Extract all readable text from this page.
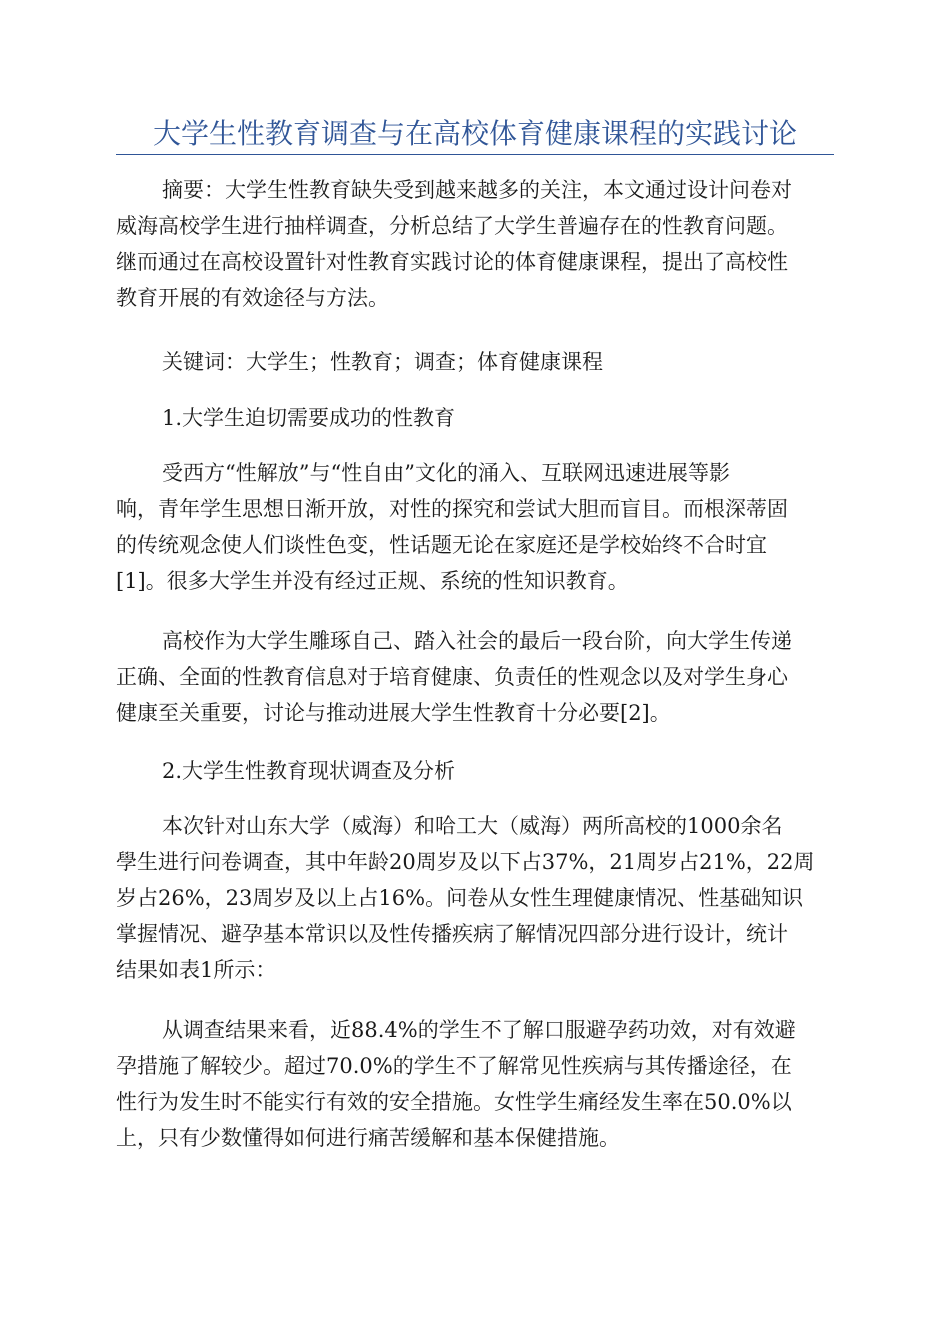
大学生性教育调查与在高校体育健康课程的实践讨论
摘要：大学生性教育缺失受到越来越多的关注，本文通过设计问卷对
威海高校学生进行抽样调查，分析总结了大学生普遍存在的性教育问题。
继而通过在高校设置针对性教育实践讨论的体育健康课程，提出了高校性
教育开展的有效途径与方法。
关键词：大学生；性教育；调查；体育健康课程
1.大学生迫切需要成功的性教育
受西方“性解放”与“性自由”文化的涌入、互联网迅速进展等影
响，青年学生思想日渐开放，对性的探究和尝试大胆而盲目。而根深蒂固
的传统观念使人们谈性色变，性话题无论在家庭还是学校始终不合时宜
[1]。很多大学生并没有经过正规、系统的性知识教育。
高校作为大学生雕琢自己、踏入社会的最后一段台阶，向大学生传递
正确、全面的性教育信息对于培育健康、负责任的性观念以及对学生身心
健康至关重要，讨论与推动进展大学生性教育十分必要[2]。
2.大学生性教育现状调查及分析
本次针对山东大学（威海）和哈工大（威海）两所高校的1000余名
學生进行问卷调查，其中年龄20周岁及以下占37%，21周岁占21%，22周
岁占26%，23周岁及以上占16%。问卷从女性生理健康情况、性基础知识
掌握情况、避孕基本常识以及性传播疾病了解情况四部分进行设计，统计
结果如表1所示：
从调查结果来看，近88.4%的学生不了解口服避孕药功效，对有效避
孕措施了解较少。超过70.0%的学生不了解常见性疾病与其传播途径，在
性行为发生时不能实行有效的安全措施。女性学生痛经发生率在50.0%以
上，只有少数懂得如何进行痛苦缓解和基本保健措施。
